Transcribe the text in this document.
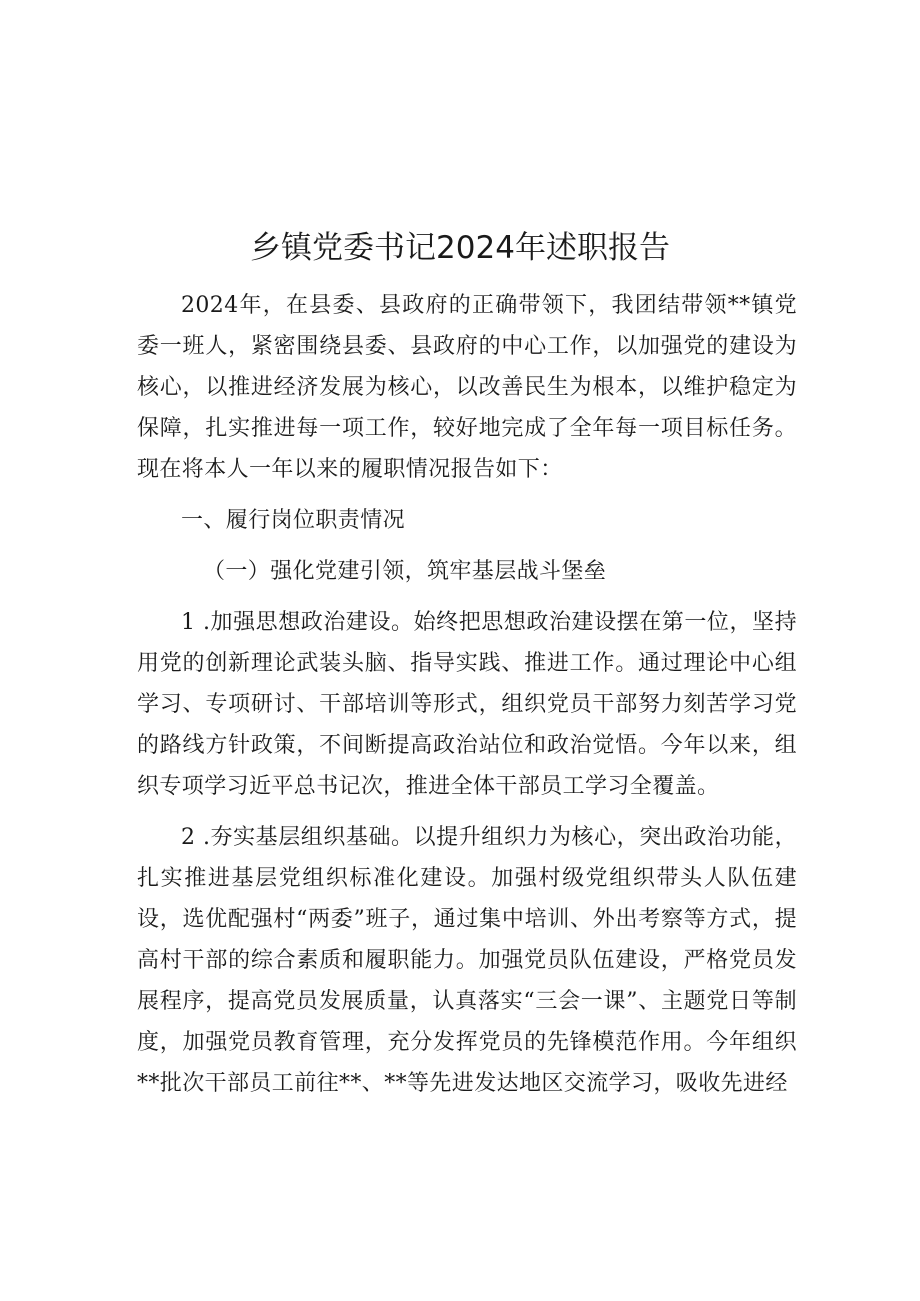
乡镇党委书记2024年述职报告

2024年，在县委、县政府的正确带领下，我团结带领**镇党委一班人，紧密围绕县委、县政府的中心工作，以加强党的建设为核心，以推进经济发展为核心，以改善民生为根本，以维护稳定为保障，扎实推进每一项工作，较好地完成了全年每一项目标任务。现在将本人一年以来的履职情况报告如下：

一、履行岗位职责情况

（一）强化党建引领，筑牢基层战斗堡垒

1 .加强思想政治建设。始终把思想政治建设摆在第一位，坚持用党的创新理论武装头脑、指导实践、推进工作。通过理论中心组学习、专项研讨、干部培训等形式，组织党员干部努力刻苦学习党的路线方针政策，不间断提高政治站位和政治觉悟。今年以来，组织专项学习近平总书记次，推进全体干部员工学习全覆盖。

2 .夯实基层组织基础。以提升组织力为核心，突出政治功能，扎实推进基层党组织标准化建设。加强村级党组织带头人队伍建设，选优配强村“两委”班子，通过集中培训、外出考察等方式，提高村干部的综合素质和履职能力。加强党员队伍建设，严格党员发展程序，提高党员发展质量，认真落实“三会一课”、主题党日等制度，加强党员教育管理，充分发挥党员的先锋模范作用。今年组织**批次干部员工前往**、**等先进发达地区交流学习，吸收先进经
